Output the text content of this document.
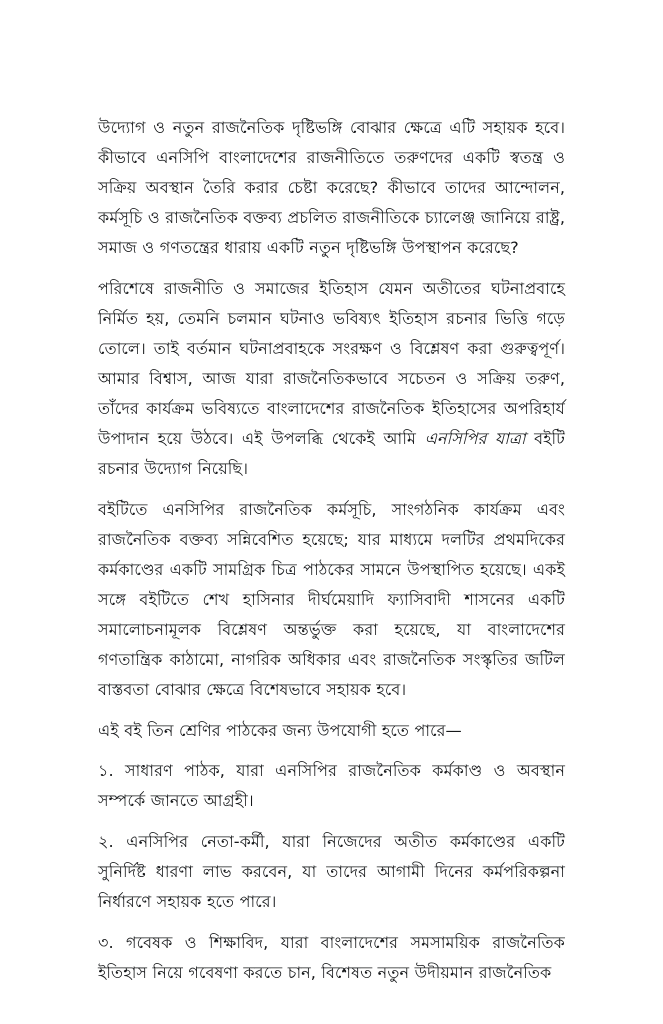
উদ্যোগ ও নতুন রাজনৈতিক দৃষ্টিভঙ্গি বোঝার ক্ষেত্রে এটি সহায়ক হবে। কীভাবে এনসিপি বাংলাদেশের রাজনীতিতে তরুণদের একটি স্বতন্ত্র ও সক্রিয় অবস্থান তৈরি করার চেষ্টা করেছে? কীভাবে তাদের আন্দোলন, কর্মসূচি ও রাজনৈতিক বক্তব্য প্রচলিত রাজনীতিকে চ্যালেঞ্জ জানিয়ে রাষ্ট্র, সমাজ ও গণতন্ত্রের ধারায় একটি নতুন দৃষ্টিভঙ্গি উপস্থাপন করেছে?

পরিশেষে রাজনীতি ও সমাজের ইতিহাস যেমন অতীতের ঘটনাপ্রবাহে নির্মিত হয়, তেমনি চলমান ঘটনাও ভবিষ্যৎ ইতিহাস রচনার ভিত্তি গড়ে তোলে। তাই বর্তমান ঘটনাপ্রবাহকে সংরক্ষণ ও বিশ্লেষণ করা গুরুত্বপূর্ণ। আমার বিশ্বাস, আজ যারা রাজনৈতিকভাবে সচেতন ও সক্রিয় তরুণ, তাঁদের কার্যক্রম ভবিষ্যতে বাংলাদেশের রাজনৈতিক ইতিহাসের অপরিহার্য উপাদান হয়ে উঠবে। এই উপলব্ধি থেকেই আমি এনসিপির যাত্রা বইটি রচনার উদ্যোগ নিয়েছি।

বইটিতে এনসিপির রাজনৈতিক কর্মসূচি, সাংগঠনিক কার্যক্রম এবং রাজনৈতিক বক্তব্য সন্নিবেশিত হয়েছে; যার মাধ্যমে দলটির প্রথমদিকের কর্মকাণ্ডের একটি সামগ্রিক চিত্র পাঠকের সামনে উপস্থাপিত হয়েছে। একই সঙ্গে বইটিতে শেখ হাসিনার দীর্ঘমেয়াদি ফ্যাসিবাদী শাসনের একটি সমালোচনামূলক বিশ্লেষণ অন্তর্ভুক্ত করা হয়েছে, যা বাংলাদেশের গণতান্ত্রিক কাঠামো, নাগরিক অধিকার এবং রাজনৈতিক সংস্কৃতির জটিল বাস্তবতা বোঝার ক্ষেত্রে বিশেষভাবে সহায়ক হবে।

এই বই তিন শ্রেণির পাঠকের জন্য উপযোগী হতে পারে—

১. সাধারণ পাঠক, যারা এনসিপির রাজনৈতিক কর্মকাণ্ড ও অবস্থান সম্পর্কে জানতে আগ্রহী।

২. এনসিপির নেতা-কর্মী, যারা নিজেদের অতীত কর্মকাণ্ডের একটি সুনির্দিষ্ট ধারণা লাভ করবেন, যা তাদের আগামী দিনের কর্মপরিকল্পনা নির্ধারণে সহায়ক হতে পারে।

৩. গবেষক ও শিক্ষাবিদ, যারা বাংলাদেশের সমসাময়িক রাজনৈতিক ইতিহাস নিয়ে গবেষণা করতে চান, বিশেষত নতুন উদীয়মান রাজনৈতিক
